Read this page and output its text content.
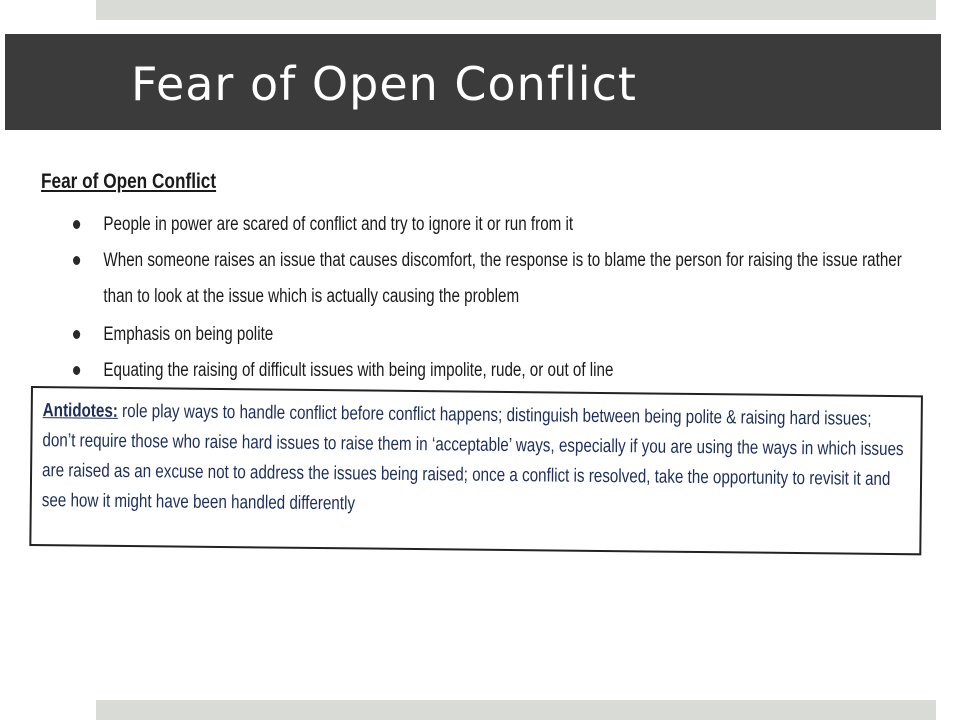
Fear of Open Conflict
Fear of Open Conflict
People in power are scared of conflict and try to ignore it or run from it
When someone raises an issue that causes discomfort, the response is to blame the person for raising the issue rather
than to look at the issue which is actually causing the problem
Emphasis on being polite
Equating the raising of difficult issues with being impolite, rude, or out of line
Antidotes: role play ways to handle conflict before conflict happens; distinguish between being polite & raising hard issues; don’t require those who raise hard issues to raise them in ‘acceptable’ ways, especially if you are using the ways in which issues are raised as an excuse not to address the issues being raised; once a conflict is resolved, take the opportunity to revisit it and see how it might have been handled differently
